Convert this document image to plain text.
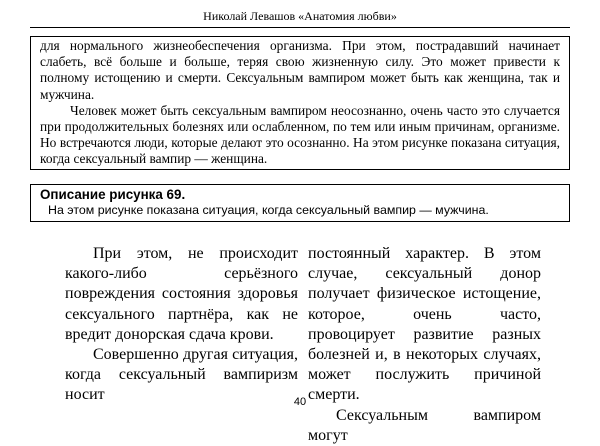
Николай Левашов «Анатомия любви»

для нормального жизнеобеспечения организма. При этом, пострадавший начинает слабеть, всё больше и больше, теряя свою жизненную силу. Это может привести к полному истощению и смерти. Сексуальным вампиром может быть как женщина, так и мужчина.

Человек может быть сексуальным вампиром неосознанно, очень часто это случается при продолжительных болезнях или ослабленном, по тем или иным причинам, организме. Но встречаются люди, которые делают это осознанно. На этом рисунке показана ситуация, когда сексуальный вампир — женщина.

Описание рисунка 69.

На этом рисунке показана ситуация, когда сексуальный вампир — мужчина.

При этом, не происходит какого-либо серьёзного повреждения состояния здоровья сексуального партнёра, как не вредит донорская сдача крови.

Совершенно другая ситуация, когда сексуальный вампиризм носит

постоянный характер. В этом случае, сексуальный донор получает физическое истощение, которое, очень часто, провоцирует развитие разных болезней и, в некоторых случаях, может послужить причиной смерти.

Сексуальным вампиром могут

40
